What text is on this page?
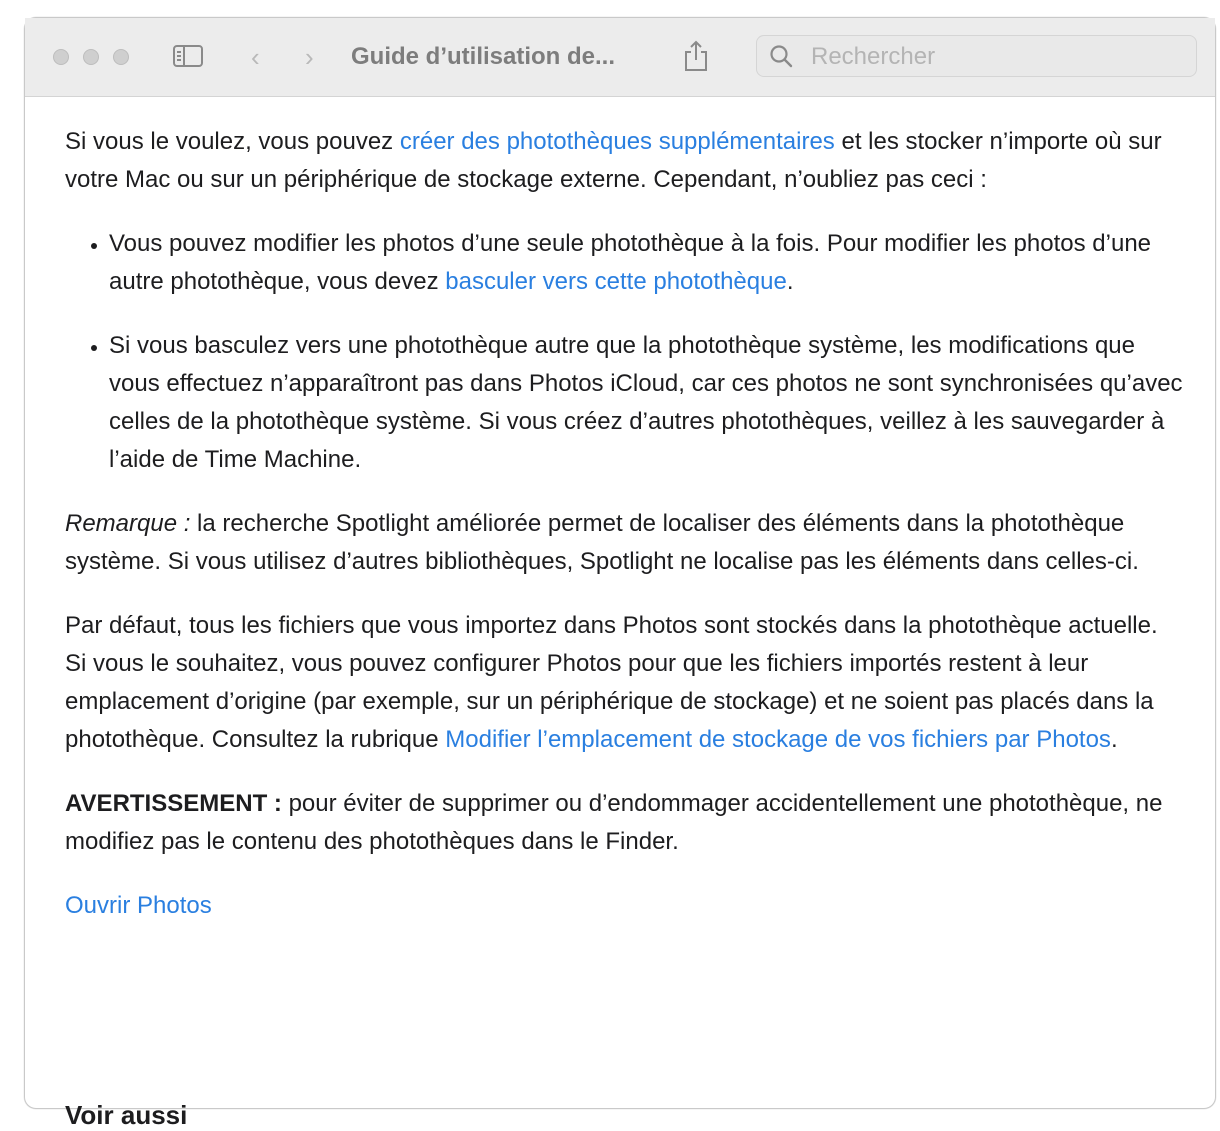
‹ › Guide d’utilisation de...
Rechercher

Si vous le voulez, vous pouvez créer des photothèques supplémentaires et les stocker n’importe où sur votre Mac ou sur un périphérique de stockage externe. Cependant, n’oubliez pas ceci :

• Vous pouvez modifier les photos d’une seule photothèque à la fois. Pour modifier les photos d’une autre photothèque, vous devez basculer vers cette photothèque.
• Si vous basculez vers une photothèque autre que la photothèque système, les modifications que vous effectuez n’apparaîtront pas dans Photos iCloud, car ces photos ne sont synchronisées qu’avec celles de la photothèque système. Si vous créez d’autres photothèques, veillez à les sauvegarder à l’aide de Time Machine.

Remarque : la recherche Spotlight améliorée permet de localiser des éléments dans la photothèque système. Si vous utilisez d’autres bibliothèques, Spotlight ne localise pas les éléments dans celles-ci.

Par défaut, tous les fichiers que vous importez dans Photos sont stockés dans la photothèque actuelle. Si vous le souhaitez, vous pouvez configurer Photos pour que les fichiers importés restent à leur emplacement d’origine (par exemple, sur un périphérique de stockage) et ne soient pas placés dans la photothèque. Consultez la rubrique Modifier l’emplacement de stockage de vos fichiers par Photos.

AVERTISSEMENT : pour éviter de supprimer ou d’endommager accidentellement une photothèque, ne modifiez pas le contenu des photothèques dans le Finder.

Ouvrir Photos

Voir aussi
